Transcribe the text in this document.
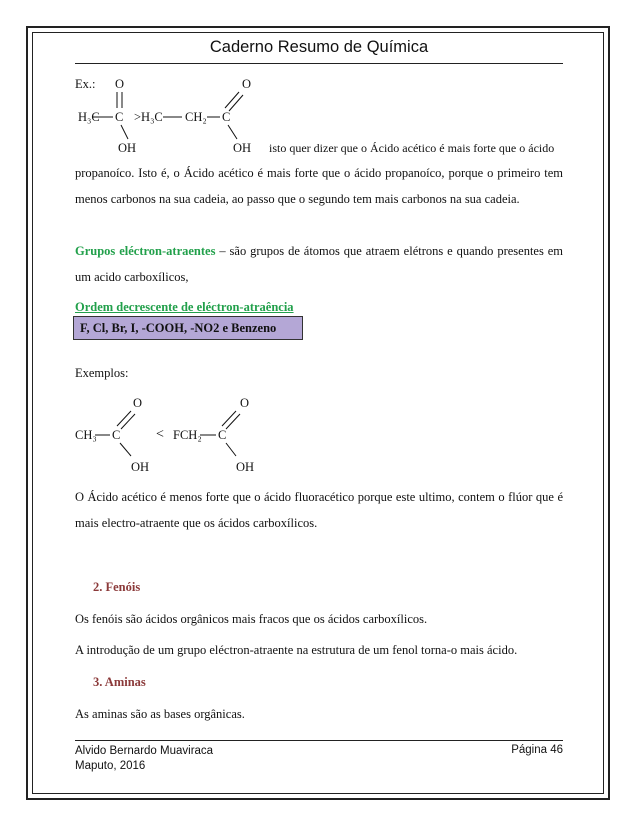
Caderno Resumo de Química
Ex.: O	O
H₃C C >H₃C CH₂ C
OH	OH isto quer dizer que o Ácido acético é mais forte que o ácido
propanoíco. Isto é, o Ácido acético é mais forte que o ácido propanoíco, porque o primeiro tem menos carbonos na sua cadeia, ao passo que o segundo tem mais carbonos na sua cadeia.
Grupos eléctron-atraentes – são grupos de átomos que atraem elétrons e quando presentes em um acido carboxílicos,
Ordem decrescente de eléctron-atraência
F, Cl, Br, I, -COOH, -NO2 e Benzeno
Exemplos:
O	O
CH₃ C	< FCH₂ C
OH	OH
O Ácido acético é menos forte que o ácido fluoracético porque este ultimo, contem o flúor que é mais electro-atraente que os ácidos carboxílicos.
2. Fenóis
Os fenóis são ácidos orgânicos mais fracos que os ácidos carboxílicos.
A introdução de um grupo eléctron-atraente na estrutura de um fenol torna-o mais ácido.
3. Aminas
As aminas são as bases orgânicas.
Alvido Bernardo Muaviraca
Maputo, 2016
Página 46
